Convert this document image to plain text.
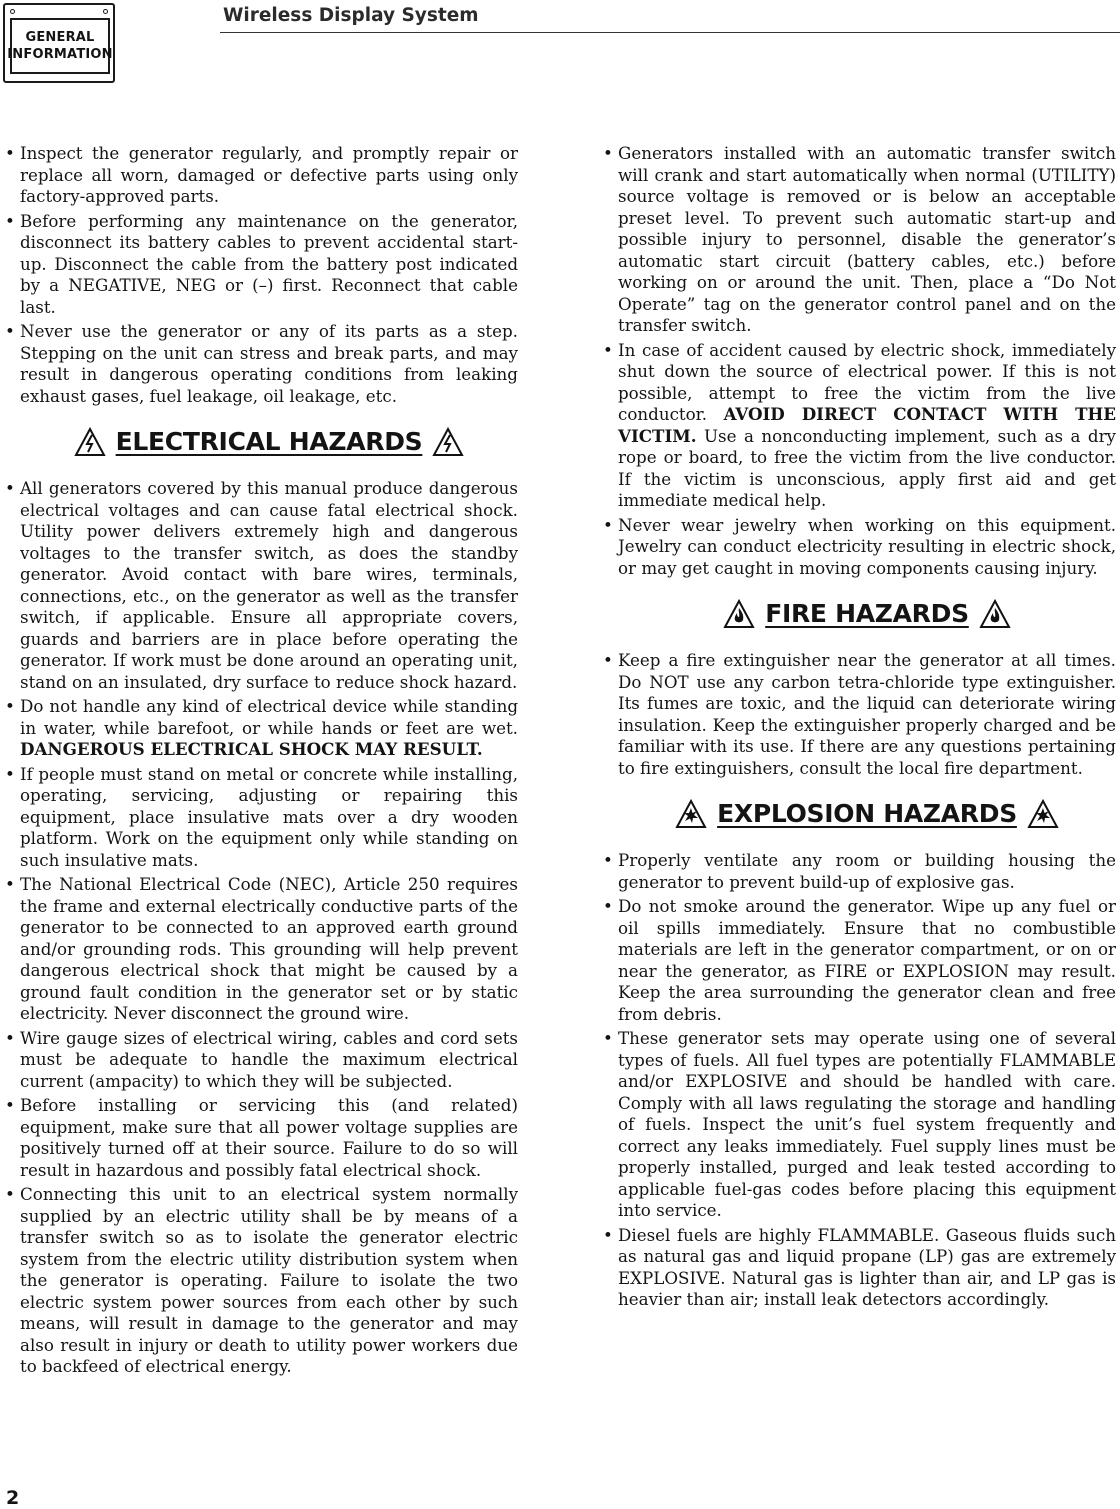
GENERAL
INFORMATION
Wireless Display System

• Inspect the generator regularly, and promptly repair or replace all worn, damaged or defective parts using only factory-approved parts.

• Before performing any maintenance on the generator, disconnect its battery cables to prevent accidental start-up. Disconnect the cable from the battery post indicated by a NEGATIVE, NEG or (–) first. Reconnect that cable last.

• Never use the generator or any of its parts as a step. Stepping on the unit can stress and break parts, and may result in dangerous operating conditions from leaking exhaust gases, fuel leakage, oil leakage, etc.

ELECTRICAL HAZARDS

• All generators covered by this manual produce dangerous electrical voltages and can cause fatal electrical shock. Utility power delivers extremely high and dangerous voltages to the transfer switch, as does the standby generator. Avoid contact with bare wires, terminals, connections, etc., on the generator as well as the transfer switch, if applicable. Ensure all appropriate covers, guards and barriers are in place before operating the generator. If work must be done around an operating unit, stand on an insulated, dry surface to reduce shock hazard.

• Do not handle any kind of electrical device while standing in water, while barefoot, or while hands or feet are wet. DANGEROUS ELECTRICAL SHOCK MAY RESULT.

• If people must stand on metal or concrete while installing, operating, servicing, adjusting or repairing this equipment, place insulative mats over a dry wooden platform. Work on the equipment only while standing on such insulative mats.

• The National Electrical Code (NEC), Article 250 requires the frame and external electrically conductive parts of the generator to be connected to an approved earth ground and/or grounding rods. This grounding will help prevent dangerous electrical shock that might be caused by a ground fault condition in the generator set or by static electricity. Never disconnect the ground wire.

• Wire gauge sizes of electrical wiring, cables and cord sets must be adequate to handle the maximum electrical current (ampacity) to which they will be subjected.

• Before installing or servicing this (and related) equipment, make sure that all power voltage supplies are positively turned off at their source. Failure to do so will result in hazardous and possibly fatal electrical shock.

• Connecting this unit to an electrical system normally supplied by an electric utility shall be by means of a transfer switch so as to isolate the generator electric system from the electric utility distribution system when the generator is operating. Failure to isolate the two electric system power sources from each other by such means, will result in damage to the generator and may also result in injury or death to utility power workers due to backfeed of electrical energy.

• Generators installed with an automatic transfer switch will crank and start automatically when normal (UTILITY) source voltage is removed or is below an acceptable preset level. To prevent such automatic start-up and possible injury to personnel, disable the generator’s automatic start circuit (battery cables, etc.) before working on or around the unit. Then, place a “Do Not Operate” tag on the generator control panel and on the transfer switch.

• In case of accident caused by electric shock, immediately shut down the source of electrical power. If this is not possible, attempt to free the victim from the live conductor. AVOID DIRECT CONTACT WITH THE VICTIM. Use a nonconducting implement, such as a dry rope or board, to free the victim from the live conductor. If the victim is unconscious, apply first aid and get immediate medical help.

• Never wear jewelry when working on this equipment. Jewelry can conduct electricity resulting in electric shock, or may get caught in moving components causing injury.

FIRE HAZARDS

• Keep a fire extinguisher near the generator at all times. Do NOT use any carbon tetra-chloride type extinguisher. Its fumes are toxic, and the liquid can deteriorate wiring insulation. Keep the extinguisher properly charged and be familiar with its use. If there are any questions pertaining to fire extinguishers, consult the local fire department.

EXPLOSION HAZARDS

• Properly ventilate any room or building housing the generator to prevent build-up of explosive gas.

• Do not smoke around the generator. Wipe up any fuel or oil spills immediately. Ensure that no combustible materials are left in the generator compartment, or on or near the generator, as FIRE or EXPLOSION may result. Keep the area surrounding the generator clean and free from debris.

• These generator sets may operate using one of several types of fuels. All fuel types are potentially FLAMMABLE and/or EXPLOSIVE and should be handled with care. Comply with all laws regulating the storage and handling of fuels. Inspect the unit’s fuel system frequently and correct any leaks immediately. Fuel supply lines must be properly installed, purged and leak tested according to applicable fuel-gas codes before placing this equipment into service.

• Diesel fuels are highly FLAMMABLE. Gaseous fluids such as natural gas and liquid propane (LP) gas are extremely EXPLOSIVE. Natural gas is lighter than air, and LP gas is heavier than air; install leak detectors accordingly.

2
